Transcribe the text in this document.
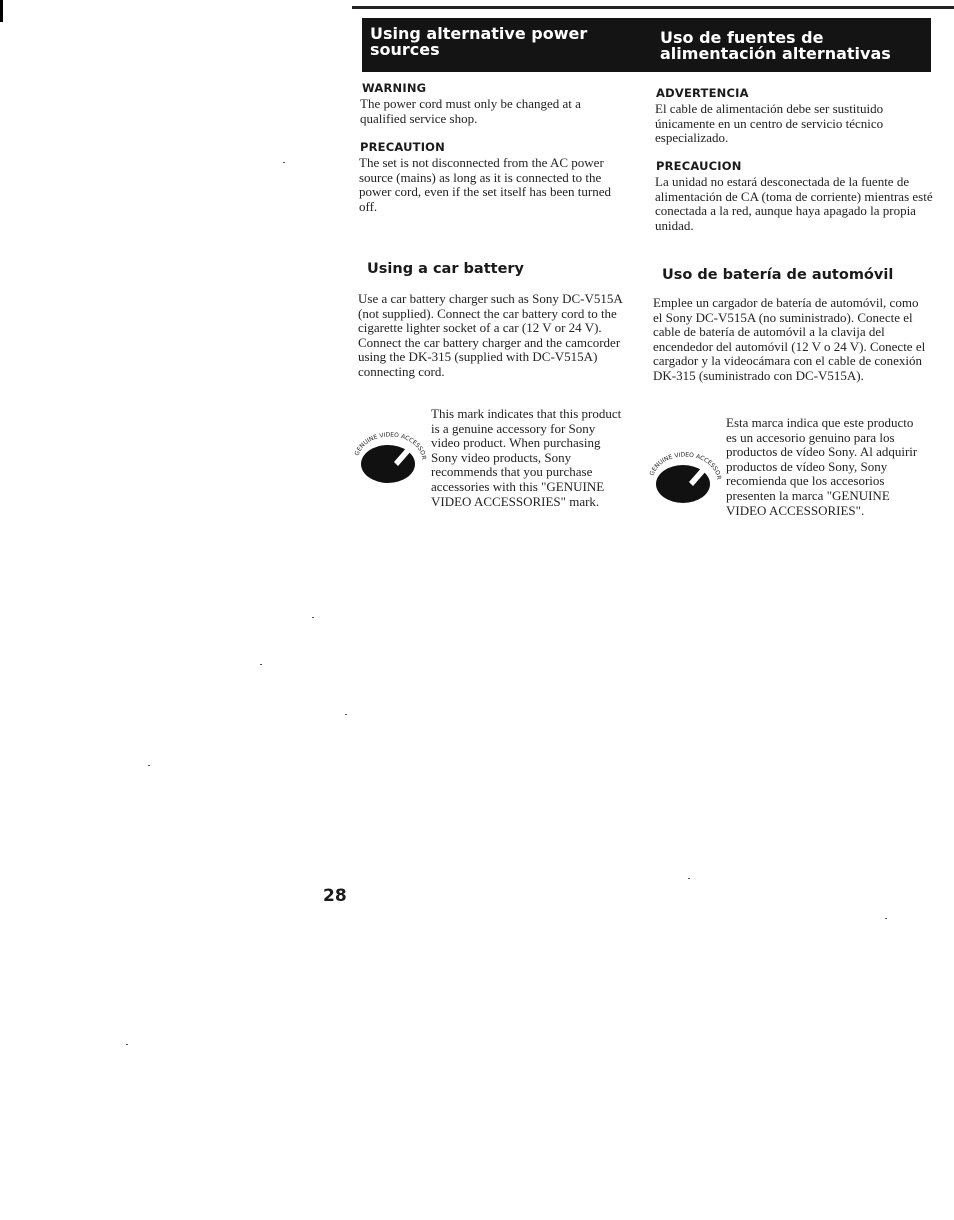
Using alternative power sources
Uso de fuentes de alimentación alternativas
WARNING
The power cord must only be changed at a qualified service shop.
PRECAUTION
The set is not disconnected from the AC power source (mains) as long as it is connected to the power cord, even if the set itself has been turned off.
Using a car battery
Use a car battery charger such as Sony DC-V515A (not supplied). Connect the car battery cord to the cigarette lighter socket of a car (12 V or 24 V). Connect the car battery charger and the camcorder using the DK-315 (supplied with DC-V515A) connecting cord.
GENUINE VIDEO ACCESSOR
This mark indicates that this product is a genuine accessory for Sony video product. When purchasing Sony video products, Sony recommends that you purchase accessories with this "GENUINE VIDEO ACCESSORIES" mark.
ADVERTENCIA
El cable de alimentación debe ser sustituido únicamente en un centro de servicio técnico especializado.
PRECAUCION
La unidad no estará desconectada de la fuente de alimentación de CA (toma de corriente) mientras esté conectada a la red, aunque haya apagado la propia unidad.
Uso de batería de automóvil
Emplee un cargador de batería de automóvil, como el Sony DC-V515A (no suministrado). Conecte el cable de batería de automóvil a la clavija del encendedor del automóvil (12 V o 24 V). Conecte el cargador y la videocámara con el cable de conexión DK-315 (suministrado con DC-V515A).
GENUINE VIDEO ACCESSOR
Esta marca indica que este producto es un accesorio genuino para los productos de vídeo Sony. Al adquirir productos de vídeo Sony, Sony recomienda que los accesorios presenten la marca "GENUINE VIDEO ACCESSORIES".
28
